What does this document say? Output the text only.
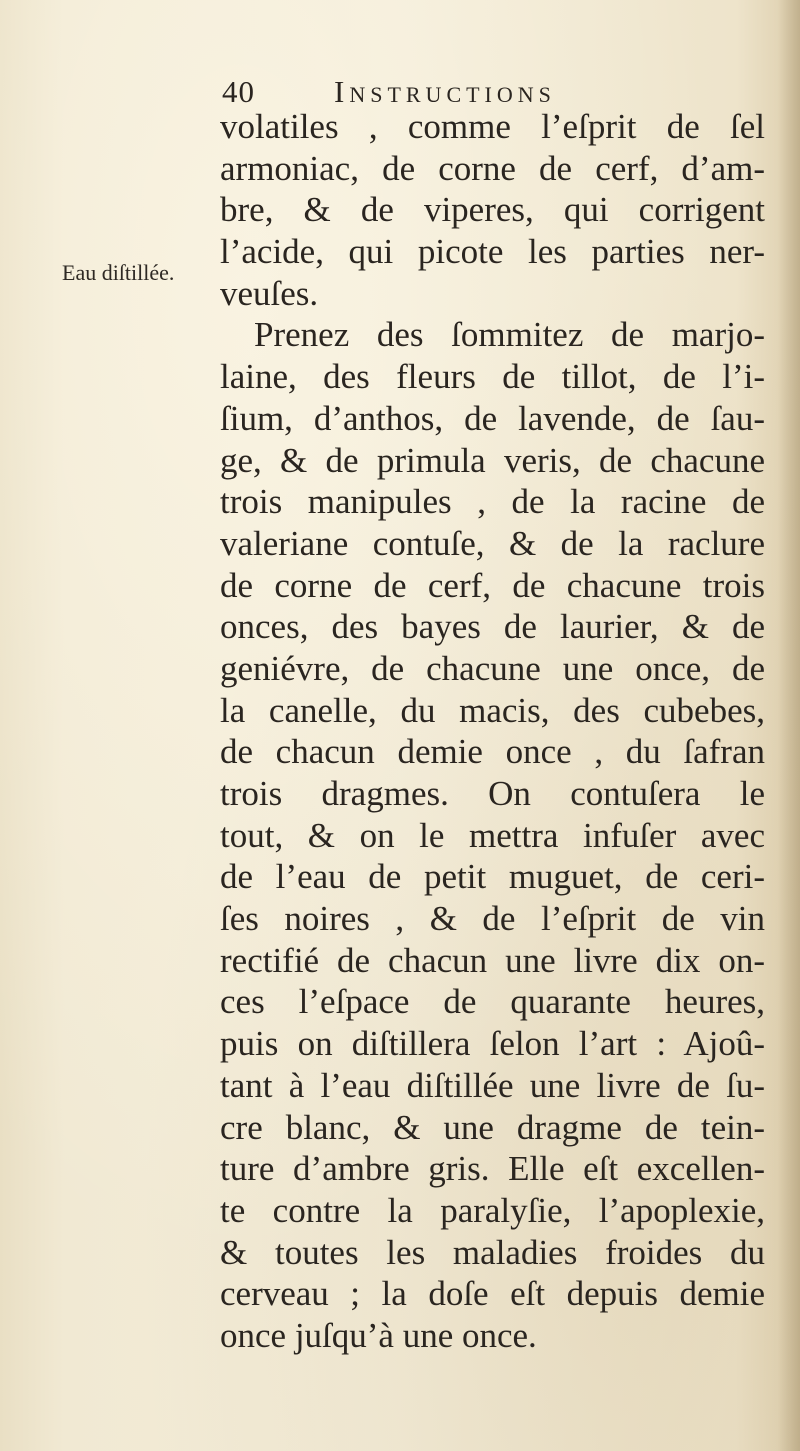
40	Instructions
Eau diſtillée.
volatiles , comme l’eſprit de ſel
armoniac, de corne de cerf, d’am-
bre, & de viperes, qui corrigent
l’acide, qui picote les parties ner-
veuſes.
Prenez des ſommitez de marjo-
laine, des fleurs de tillot, de l’i-
ſium, d’anthos, de lavende, de ſau-
ge, & de primula veris, de chacune
trois manipules , de la racine de
valeriane contuſe, & de la raclure
de corne de cerf, de chacune trois
onces, des bayes de laurier, & de
geniévre, de chacune une once, de
la canelle, du macis, des cubebes,
de chacun demie once , du ſafran
trois dragmes. On contuſera le
tout, & on le mettra infuſer avec
de l’eau de petit muguet, de ceri-
ſes noires , & de l’eſprit de vin
rectifié de chacun une livre dix on-
ces l’eſpace de quarante heures,
puis on diſtillera ſelon l’art : Ajoû-
tant à l’eau diſtillée une livre de ſu-
cre blanc, & une dragme de tein-
ture d’ambre gris. Elle eſt excellen-
te contre la paralyſie, l’apoplexie,
& toutes les maladies froides du
cerveau ; la doſe eſt depuis demie
once juſqu’à une once.
